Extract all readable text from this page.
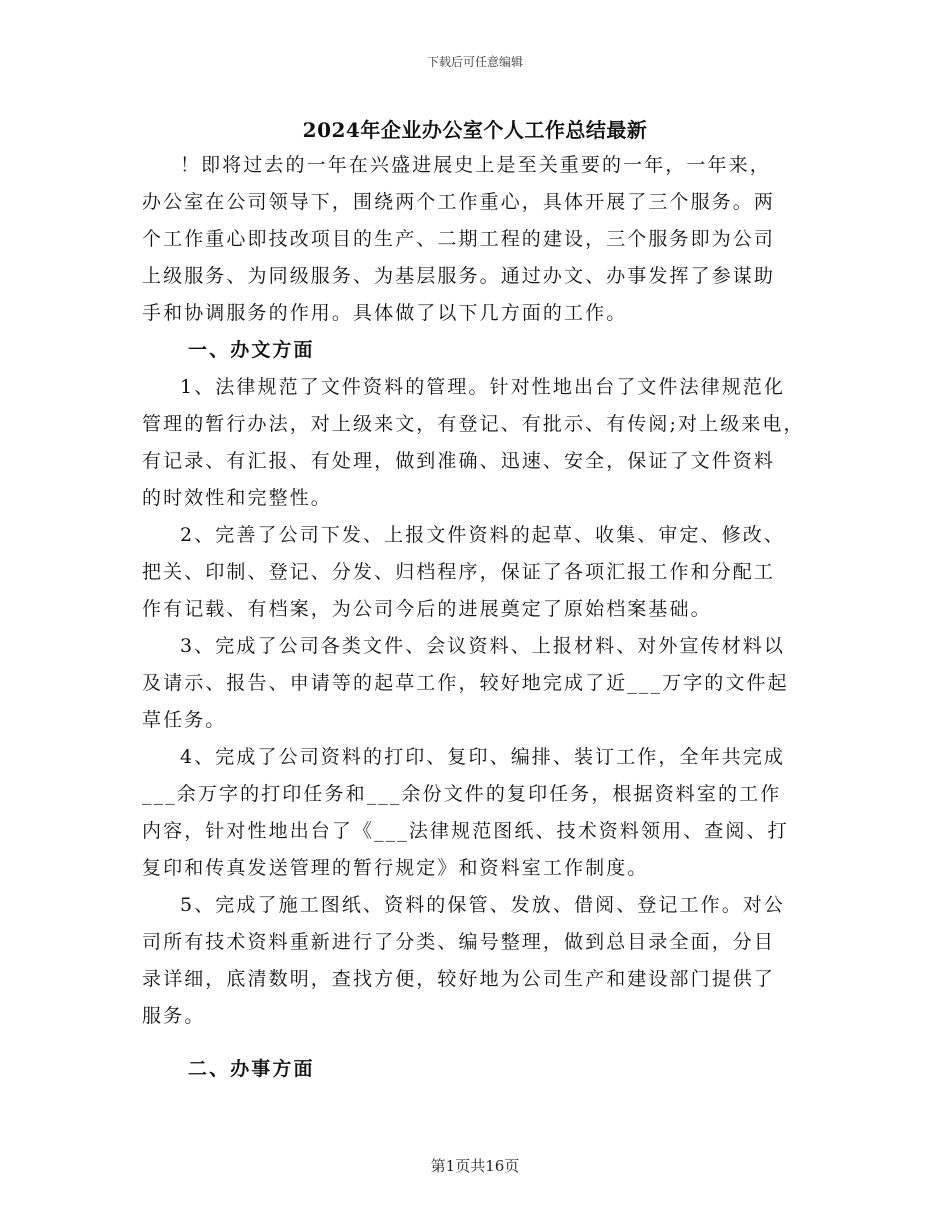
下载后可任意编辑
2024年企业办公室个人工作总结最新
！即将过去的一年在兴盛进展史上是至关重要的一年，一年来，
办公室在公司领导下，围绕两个工作重心，具体开展了三个服务。两
个工作重心即技改项目的生产、二期工程的建设，三个服务即为公司
上级服务、为同级服务、为基层服务。通过办文、办事发挥了参谋助
手和协调服务的作用。具体做了以下几方面的工作。
一、办文方面
1、法律规范了文件资料的管理。针对性地出台了文件法律规范化
管理的暂行办法，对上级来文，有登记、有批示、有传阅;对上级来电，
有记录、有汇报、有处理，做到准确、迅速、安全，保证了文件资料
的时效性和完整性。
2、完善了公司下发、上报文件资料的起草、收集、审定、修改、
把关、印制、登记、分发、归档程序，保证了各项汇报工作和分配工
作有记载、有档案，为公司今后的进展奠定了原始档案基础。
3、完成了公司各类文件、会议资料、上报材料、对外宣传材料以
及请示、报告、申请等的起草工作，较好地完成了近___万字的文件起
草任务。
4、完成了公司资料的打印、复印、编排、装订工作，全年共完成
___余万字的打印任务和___余份文件的复印任务，根据资料室的工作
内容，针对性地出台了《___法律规范图纸、技术资料领用、查阅、打
复印和传真发送管理的暂行规定》和资料室工作制度。
5、完成了施工图纸、资料的保管、发放、借阅、登记工作。对公
司所有技术资料重新进行了分类、编号整理，做到总目录全面，分目
录详细，底清数明，查找方便，较好地为公司生产和建设部门提供了
服务。
二、办事方面
第1页共16页
